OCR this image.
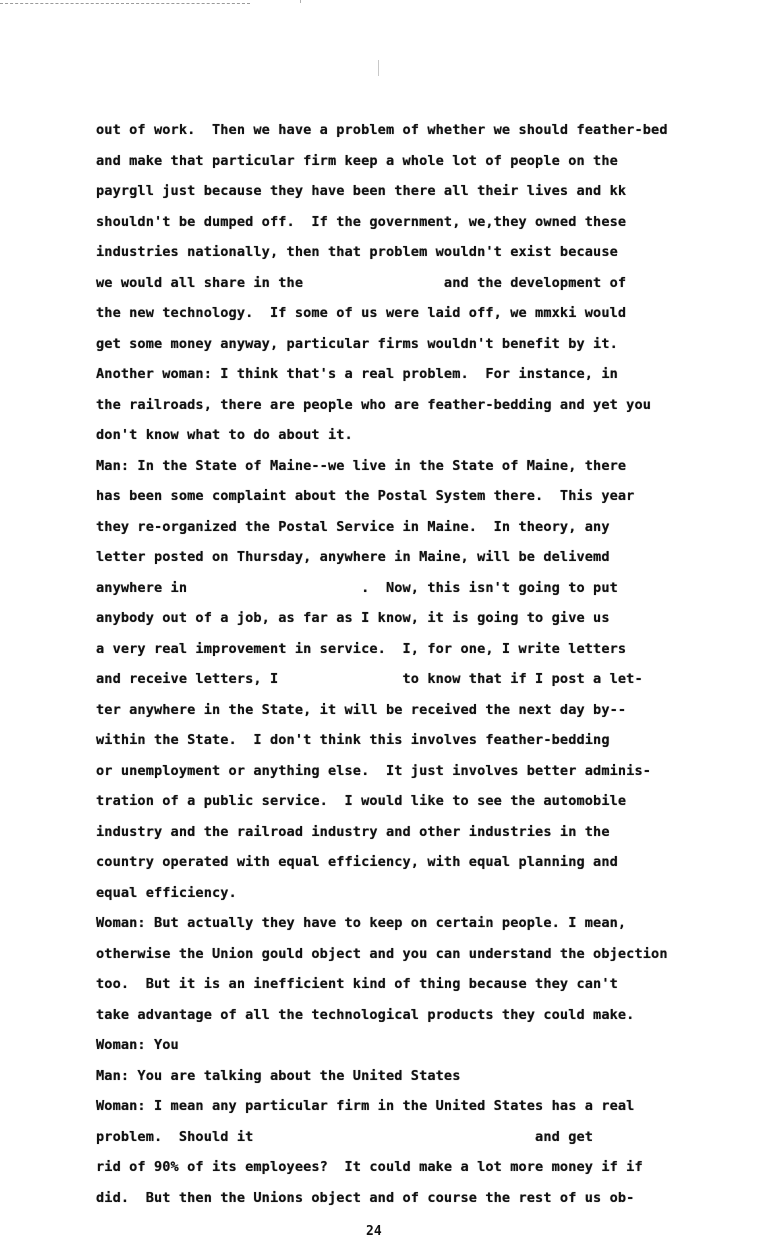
out of work.  Then we have a problem of whether we should feather-bed
and make that particular firm keep a whole lot of people on the
payrgll just because they have been there all their lives and kk
shouldn't be dumped off.  If the government, we,they owned these
industries nationally, then that problem wouldn't exist because
we would all share in the                 and the development of
the new technology.  If some of us were laid off, we mmxki would
get some money anyway, particular firms wouldn't benefit by it.
Another woman: I think that's a real problem.  For instance, in
the railroads, there are people who are feather-bedding and yet you
don't know what to do about it.
Man: In the State of Maine--we live in the State of Maine, there
has been some complaint about the Postal System there.  This year
they re-organized the Postal Service in Maine.  In theory, any
letter posted on Thursday, anywhere in Maine, will be delivemd
anywhere in                     .  Now, this isn't going to put
anybody out of a job, as far as I know, it is going to give us
a very real improvement in service.  I, for one, I write letters
and receive letters, I               to know that if I post a let-
ter anywhere in the State, it will be received the next day by--
within the State.  I don't think this involves feather-bedding
or unemployment or anything else.  It just involves better adminis-
tration of a public service.  I would like to see the automobile
industry and the railroad industry and other industries in the
country operated with equal efficiency, with equal planning and
equal efficiency.
Woman: But actually they have to keep on certain people. I mean,
otherwise the Union gould object and you can understand the objection
too.  But it is an inefficient kind of thing because they can't
take advantage of all the technological products they could make.
Woman: You
Man: You are talking about the United States
Woman: I mean any particular firm in the United States has a real
problem.  Should it                                  and get
rid of 90% of its employees?  It could make a lot more money if if
did.  But then the Unions object and of course the rest of us ob-
24
